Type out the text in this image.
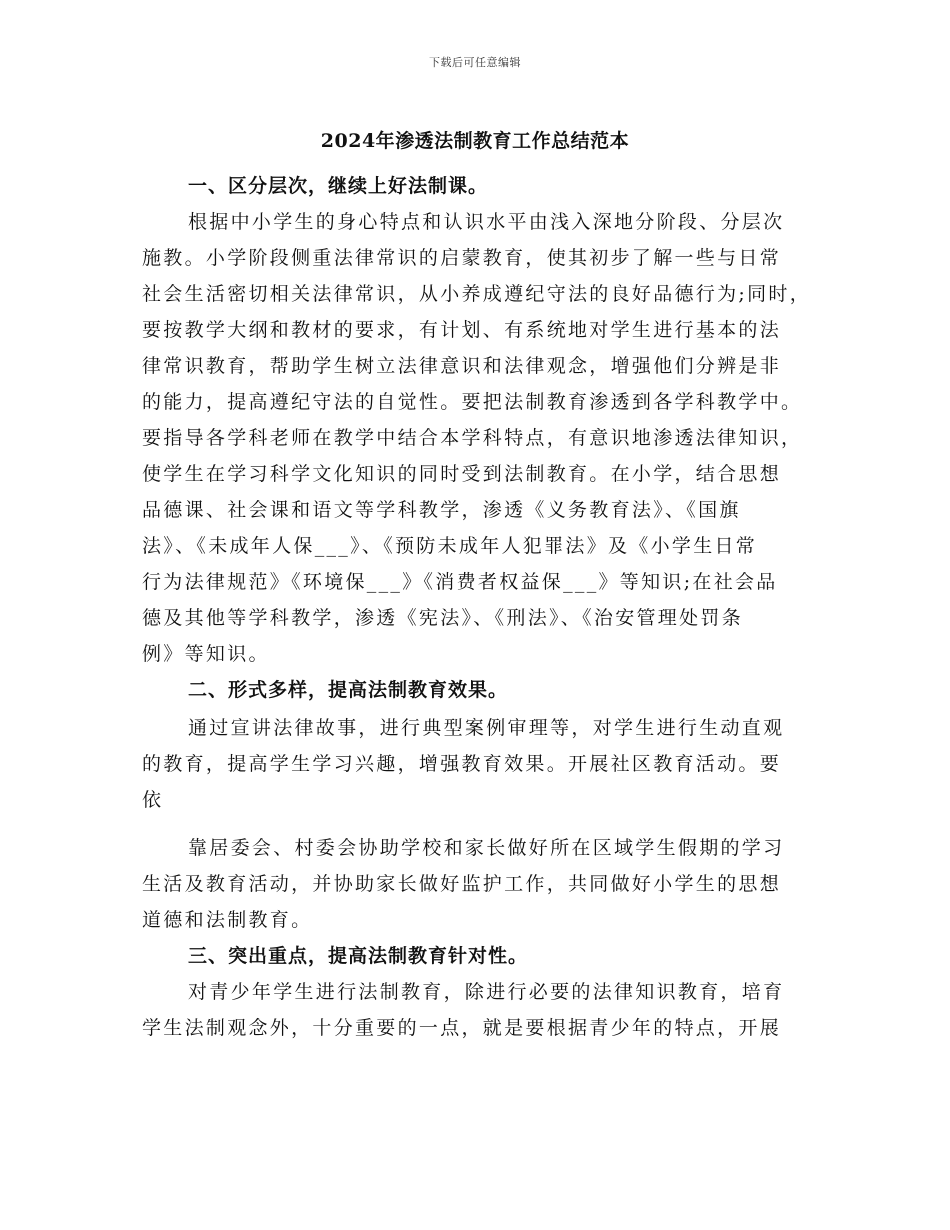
下载后可任意编辑
2024年渗透法制教育工作总结范本
一、区分层次，继续上好法制课。
根据中小学生的身心特点和认识水平由浅入深地分阶段、分层次
施教。小学阶段侧重法律常识的启蒙教育，使其初步了解一些与日常
社会生活密切相关法律常识，从小养成遵纪守法的良好品德行为;同时，
要按教学大纲和教材的要求，有计划、有系统地对学生进行基本的法
律常识教育，帮助学生树立法律意识和法律观念，增强他们分辨是非
的能力，提高遵纪守法的自觉性。要把法制教育渗透到各学科教学中。
要指导各学科老师在教学中结合本学科特点，有意识地渗透法律知识，
使学生在学习科学文化知识的同时受到法制教育。在小学，结合思想
品德课、社会课和语文等学科教学，渗透《义务教育法》、《国旗
法》、《未成年人保___》、《预防未成年人犯罪法》及《小学生日常
行为法律规范》《环境保___》《消费者权益保___》等知识;在社会品
德及其他等学科教学，渗透《宪法》、《刑法》、《治安管理处罚条
例》等知识。
二、形式多样，提高法制教育效果。
通过宣讲法律故事，进行典型案例审理等，对学生进行生动直观
的教育，提高学生学习兴趣，增强教育效果。开展社区教育活动。要
依
靠居委会、村委会协助学校和家长做好所在区域学生假期的学习
生活及教育活动，并协助家长做好监护工作，共同做好小学生的思想
道德和法制教育。
三、突出重点，提高法制教育针对性。
对青少年学生进行法制教育，除进行必要的法律知识教育，培育
学生法制观念外，十分重要的一点，就是要根据青少年的特点，开展
